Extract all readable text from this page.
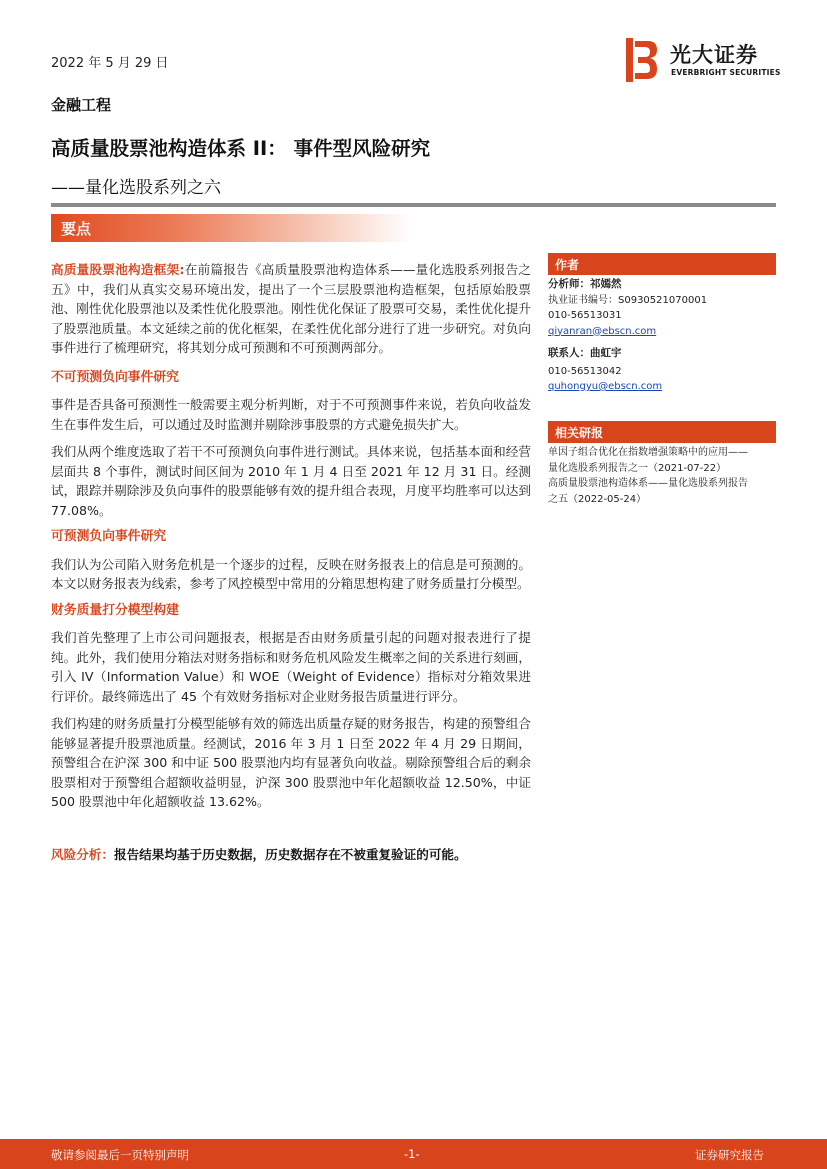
2022 年 5 月 29 日	光大证券
EVERBRIGHT SECURITIES
金融工程
高质量股票池构造体系 II： 事件型风险研究
——量化选股系列之六
要点

高质量股票池构造框架:在前篇报告《高质量股票池构造体系——量化选股系列报告之五》中，我们从真实交易环境出发，提出了一个三层股票池构造框架，包括原始股票池、刚性优化股票池以及柔性优化股票池。刚性优化保证了股票可交易，柔性优化提升了股票池质量。本文延续之前的优化框架，在柔性优化部分进行了进一步研究。对负向事件进行了梳理研究，将其划分成可预测和不可预测两部分。

不可预测负向事件研究

事件是否具备可预测性一般需要主观分析判断，对于不可预测事件来说，若负向收益发生在事件发生后，可以通过及时监测并剔除涉事股票的方式避免损失扩大。

我们从两个维度选取了若干不可预测负向事件进行测试。具体来说，包括基本面和经营层面共 8 个事件，测试时间区间为 2010 年 1 月 4 日至 2021 年 12 月 31 日。经测试，跟踪并剔除涉及负向事件的股票能够有效的提升组合表现，月度平均胜率可以达到 77.08%。

可预测负向事件研究

我们认为公司陷入财务危机是一个逐步的过程，反映在财务报表上的信息是可预测的。本文以财务报表为线索，参考了风控模型中常用的分箱思想构建了财务质量打分模型。

财务质量打分模型构建

我们首先整理了上市公司问题报表，根据是否由财务质量引起的问题对报表进行了提纯。此外，我们使用分箱法对财务指标和财务危机风险发生概率之间的关系进行刻画，引入 IV（Information Value）和 WOE（Weight of Evidence）指标对分箱效果进行评价。最终筛选出了 45 个有效财务指标对企业财务报告质量进行评分。

我们构建的财务质量打分模型能够有效的筛选出质量存疑的财务报告，构建的预警组合能够显著提升股票池质量。经测试，2016 年 3 月 1 日至 2022 年 4 月 29 日期间，预警组合在沪深 300 和中证 500 股票池内均有显著负向收益。剔除预警组合后的剩余股票相对于预警组合超额收益明显，沪深 300 股票池中年化超额收益 12.50%，中证 500 股票池中年化超额收益 13.62%。

风险分析：报告结果均基于历史数据，历史数据存在不被重复验证的可能。

作者
分析师：祁嫣然
执业证书编号：S0930521070001
010-56513031
qiyanran@ebscn.com
联系人：曲虹宇
010-56513042
quhongyu@ebscn.com
相关研报
单因子组合优化在指数增强策略中的应用——
量化选股系列报告之一（2021-07-22）
高质量股票池构造体系——量化选股系列报告
之五（2022-05-24）
敬请参阅最后一页特别声明	-1-	证券研究报告
